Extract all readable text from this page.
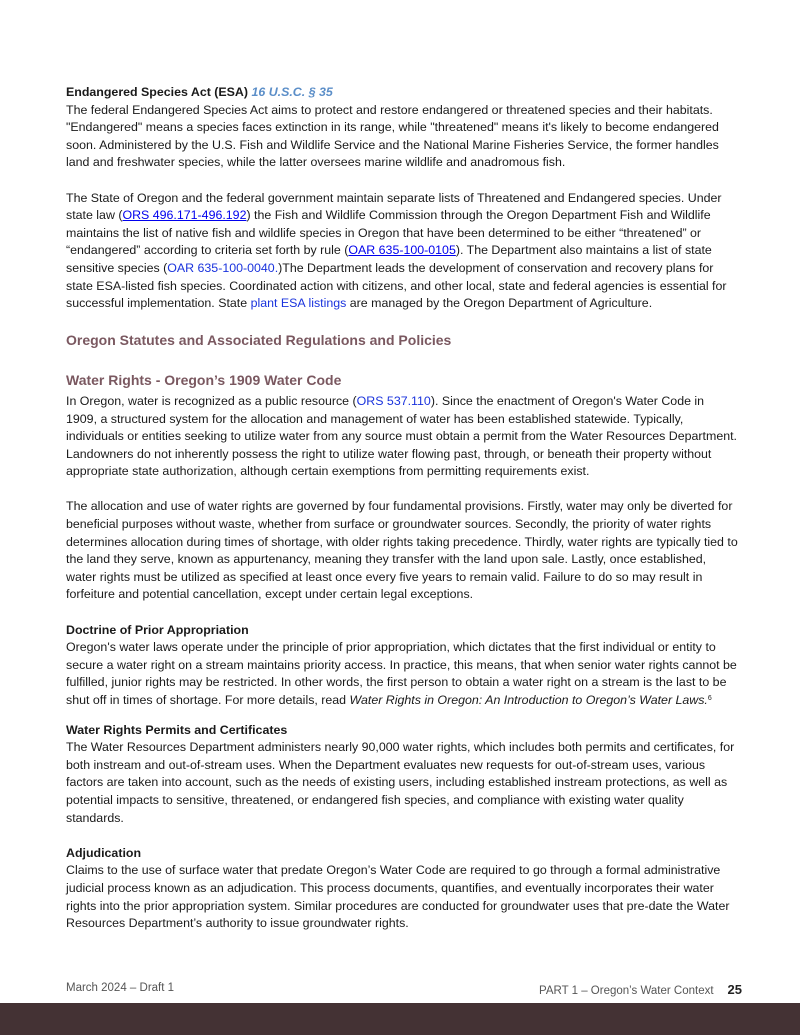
Endangered Species Act (ESA) 16 U.S.C. § 35

The federal Endangered Species Act aims to protect and restore endangered or threatened species and their habitats. "Endangered" means a species faces extinction in its range, while "threatened" means it's likely to become endangered soon. Administered by the U.S. Fish and Wildlife Service and the National Marine Fisheries Service, the former handles land and freshwater species, while the latter oversees marine wildlife and anadromous fish.

The State of Oregon and the federal government maintain separate lists of Threatened and Endangered species. Under state law (ORS 496.171-496.192) the Fish and Wildlife Commission through the Oregon Department Fish and Wildlife maintains the list of native fish and wildlife species in Oregon that have been determined to be either “threatened” or “endangered” according to criteria set forth by rule (OAR 635-100-0105). The Department also maintains a list of state sensitive species (OAR 635-100-0040.)The Department leads the development of conservation and recovery plans for state ESA-listed fish species. Coordinated action with citizens, and other local, state and federal agencies is essential for successful implementation. State plant ESA listings are managed by the Oregon Department of Agriculture.

Oregon Statutes and Associated Regulations and Policies

Water Rights - Oregon’s 1909 Water Code

In Oregon, water is recognized as a public resource (ORS 537.110). Since the enactment of Oregon's Water Code in 1909, a structured system for the allocation and management of water has been established statewide. Typically, individuals or entities seeking to utilize water from any source must obtain a permit from the Water Resources Department. Landowners do not inherently possess the right to utilize water flowing past, through, or beneath their property without appropriate state authorization, although certain exemptions from permitting requirements exist.

The allocation and use of water rights are governed by four fundamental provisions. Firstly, water may only be diverted for beneficial purposes without waste, whether from surface or groundwater sources. Secondly, the priority of water rights determines allocation during times of shortage, with older rights taking precedence. Thirdly, water rights are typically tied to the land they serve, known as appurtenancy, meaning they transfer with the land upon sale. Lastly, once established, water rights must be utilized as specified at least once every five years to remain valid. Failure to do so may result in forfeiture and potential cancellation, except under certain legal exceptions.

Doctrine of Prior Appropriation

Oregon's water laws operate under the principle of prior appropriation, which dictates that the first individual or entity to secure a water right on a stream maintains priority access. In practice, this means, that when senior water rights cannot be fulfilled, junior rights may be restricted. In other words, the first person to obtain a water right on a stream is the last to be shut off in times of shortage. For more details, read Water Rights in Oregon: An Introduction to Oregon’s Water Laws.$^6$

Water Rights Permits and Certificates

The Water Resources Department administers nearly 90,000 water rights, which includes both permits and certificates, for both instream and out-of-stream uses. When the Department evaluates new requests for out-of-stream uses, various factors are taken into account, such as the needs of existing users, including established instream protections, as well as potential impacts to sensitive, threatened, or endangered fish species, and compliance with existing water quality standards.

Adjudication

Claims to the use of surface water that predate Oregon’s Water Code are required to go through a formal administrative judicial process known as an adjudication. This process documents, quantifies, and eventually incorporates their water rights into the prior appropriation system. Similar procedures are conducted for groundwater uses that pre-date the Water Resources Department’s authority to issue groundwater rights.

March 2024 – Draft 1	PART 1 – Oregon’s Water Context 25
